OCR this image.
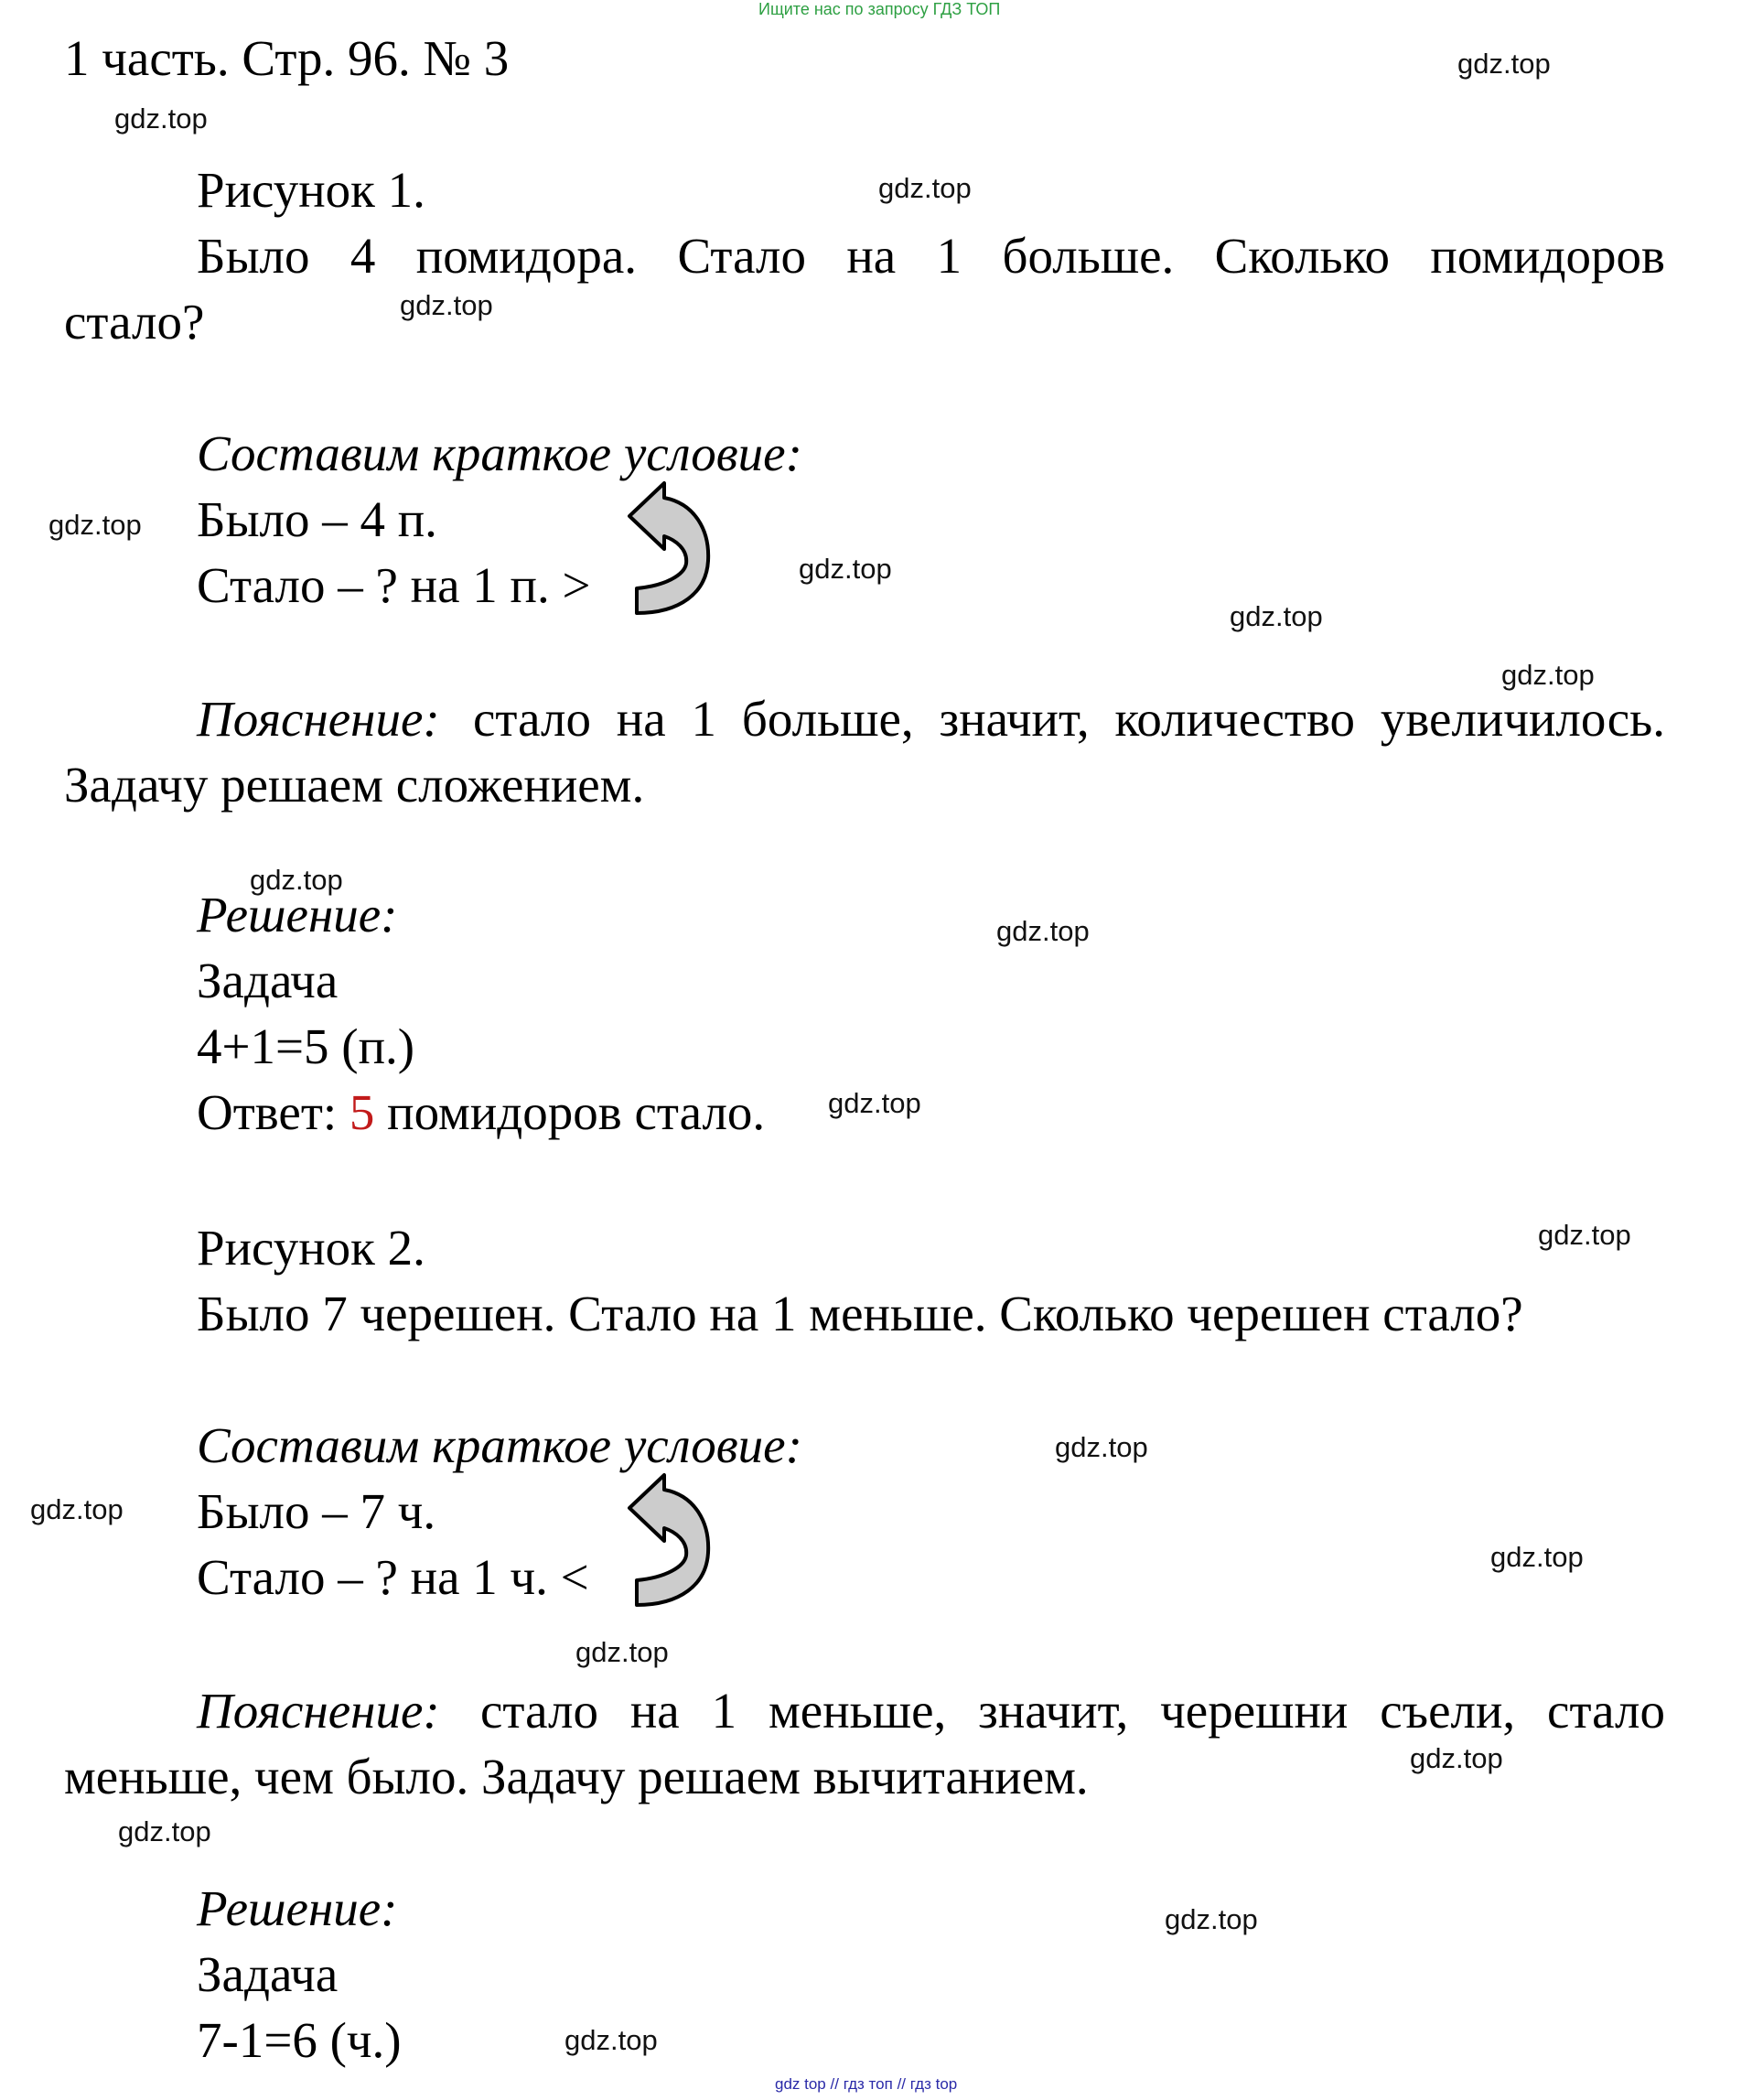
Ищите нас по запросу ГДЗ ТОП
1 часть. Стр. 96. № 3
Рисунок 1.
Было 4 помидора. Стало на 1 больше. Сколько помидоров
стало?
Составим краткое условие:
Было – 4 п.
Стало – ? на 1 п. >
Пояснение: стало на 1 больше, значит, количество увеличилось.
Задачу решаем сложением.
Решение:
Задача
4+1=5 (п.)
Ответ: 5 помидоров стало.
Рисунок 2.
Было 7 черешен. Стало на 1 меньше. Сколько черешен стало?
Составим краткое условие:
Было – 7 ч.
Стало – ? на 1 ч. <
Пояснение: стало на 1 меньше, значит, черешни съели, стало
меньше, чем было. Задачу решаем вычитанием.
Решение:
Задача
7-1=6 (ч.)
gdz.top
gdz.top
gdz.top
gdz.top
gdz.top
gdz.top
gdz.top
gdz.top
gdz.top
gdz.top
gdz.top
gdz.top
gdz.top
gdz.top
gdz.top
gdz.top
gdz.top
gdz.top
gdz.top
gdz.top
gdz top // гдз топ // гдз top
